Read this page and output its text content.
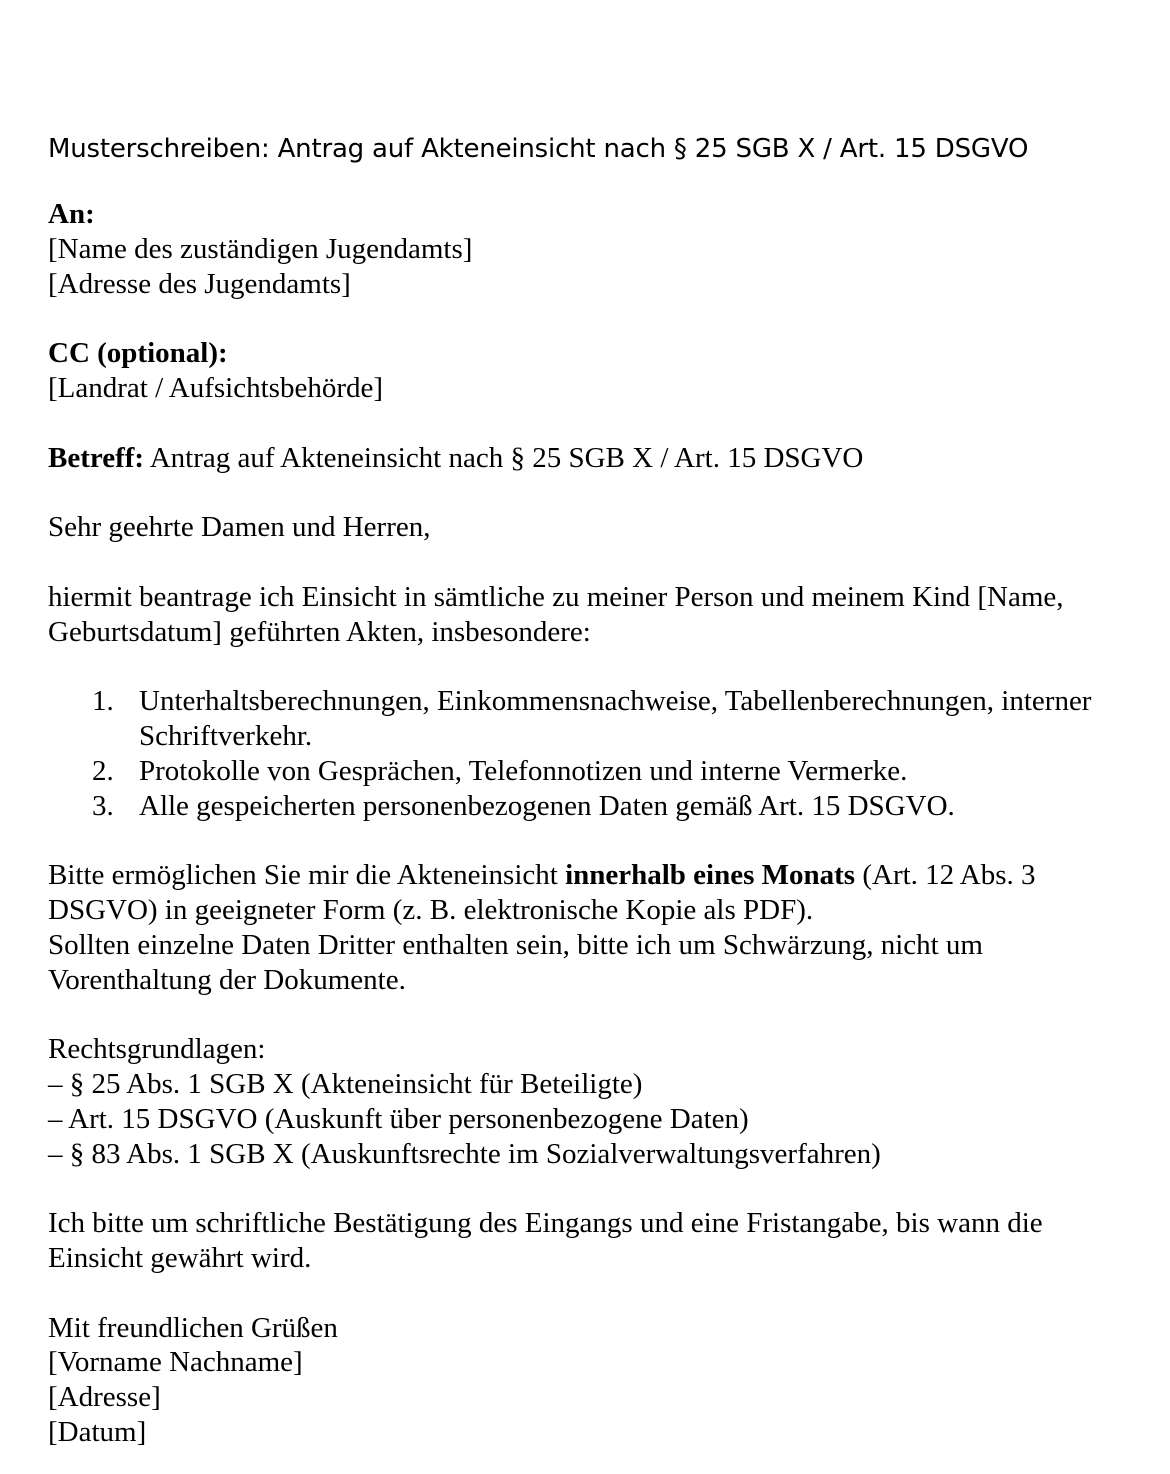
Musterschreiben: Antrag auf Akteneinsicht nach § 25 SGB X / Art. 15 DSGVO
An:
[Name des zuständigen Jugendamts]
[Adresse des Jugendamts]
CC (optional):
[Landrat / Aufsichtsbehörde]
Betreff: Antrag auf Akteneinsicht nach § 25 SGB X / Art. 15 DSGVO
Sehr geehrte Damen und Herren,
hiermit beantrage ich Einsicht in sämtliche zu meiner Person und meinem Kind [Name,
Geburtsdatum] geführten Akten, insbesondere:
1. Unterhaltsberechnungen, Einkommensnachweise, Tabellenberechnungen, interner
Schriftverkehr.
2. Protokolle von Gesprächen, Telefonnotizen und interne Vermerke.
3. Alle gespeicherten personenbezogenen Daten gemäß Art. 15 DSGVO.
Bitte ermöglichen Sie mir die Akteneinsicht innerhalb eines Monats (Art. 12 Abs. 3
DSGVO) in geeigneter Form (z. B. elektronische Kopie als PDF).
Sollten einzelne Daten Dritter enthalten sein, bitte ich um Schwärzung, nicht um
Vorenthaltung der Dokumente.
Rechtsgrundlagen:
– § 25 Abs. 1 SGB X (Akteneinsicht für Beteiligte)
– Art. 15 DSGVO (Auskunft über personenbezogene Daten)
– § 83 Abs. 1 SGB X (Auskunftsrechte im Sozialverwaltungsverfahren)
Ich bitte um schriftliche Bestätigung des Eingangs und eine Fristangabe, bis wann die
Einsicht gewährt wird.
Mit freundlichen Grüßen
[Vorname Nachname]
[Adresse]
[Datum]
